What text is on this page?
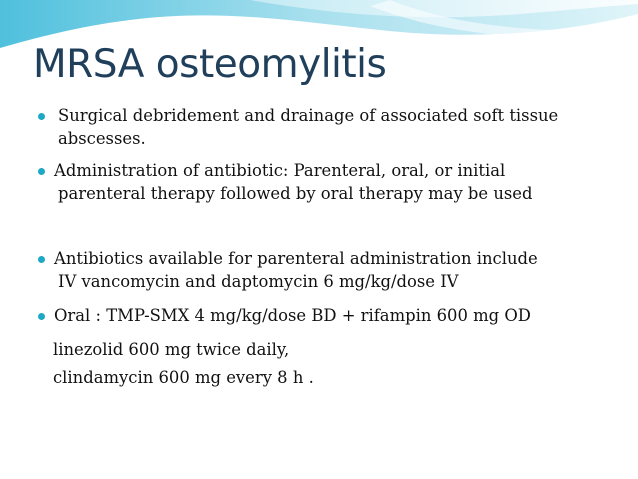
MRSA osteomylitis
Surgical debridement and drainage of associated soft tissue
abscesses.
Administration of antibiotic: Parenteral, oral, or initial
parenteral therapy followed by oral therapy may be used
Antibiotics available for parenteral administration include
IV vancomycin and daptomycin 6 mg/kg/dose IV
Oral : TMP-SMX 4 mg/kg/dose BD + rifampin 600 mg OD
linezolid 600 mg twice daily,
clindamycin 600 mg every 8 h .
